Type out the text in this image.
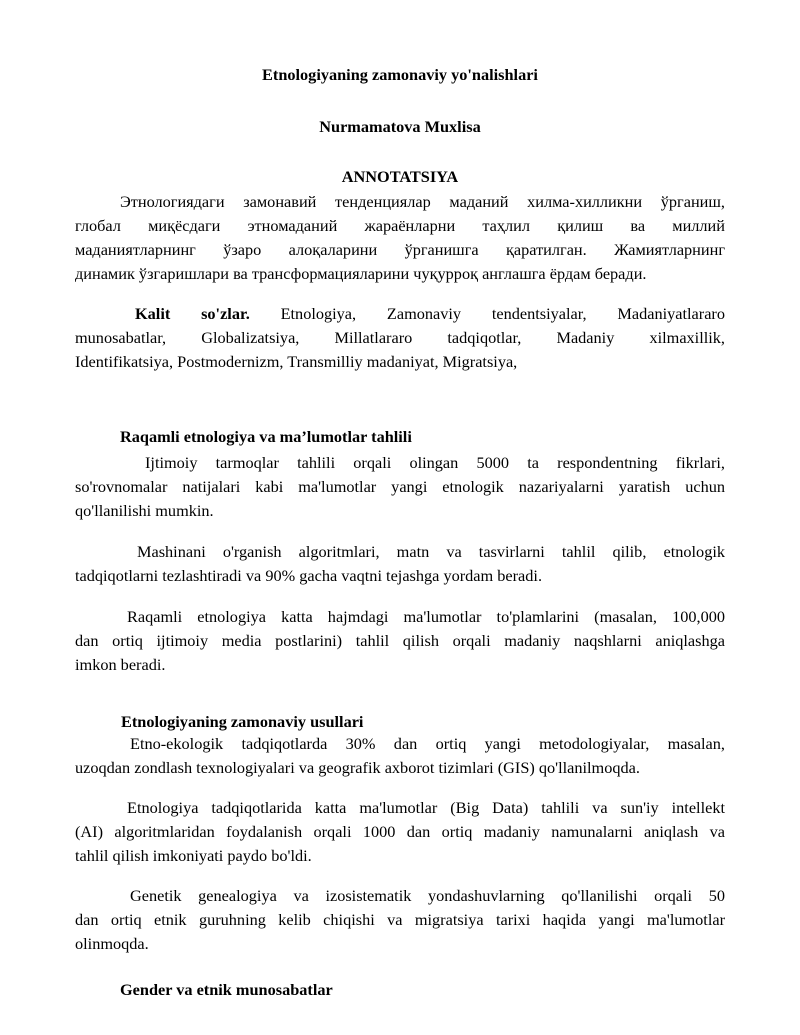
Etnologiyaning zamonaviy yo'nalishlari
Nurmamatova Muxlisa
ANNOTATSIYA
Этнологиядаги замонавий тенденциялар маданий хилма-хилликни ўрганиш,
глобал миқёсдаги этномаданий жараёнларни таҳлил қилиш ва миллий
маданиятларнинг ўзаро алоқаларини ўрганишга қаратилган. Жамиятларнинг
динамик ўзгаришлари ва трансформацияларини чуқурроқ англашга ёрдам беради.
Kalit so'zlar. Etnologiya, Zamonaviy tendentsiyalar, Madaniyatlararo
munosabatlar, Globalizatsiya, Millatlararo tadqiqotlar, Madaniy xilmaxillik,
Identifikatsiya, Postmodernizm, Transmilliy madaniyat, Migratsiya,
Raqamli etnologiya va ma’lumotlar tahlili
Ijtimoiy tarmoqlar tahlili orqali olingan 5000 ta respondentning fikrlari,
so'rovnomalar natijalari kabi ma'lumotlar yangi etnologik nazariyalarni yaratish uchun
qo'llanilishi mumkin.
Mashinani o'rganish algoritmlari, matn va tasvirlarni tahlil qilib, etnologik
tadqiqotlarni tezlashtiradi va 90% gacha vaqtni tejashga yordam beradi.
Raqamli etnologiya katta hajmdagi ma'lumotlar to'plamlarini (masalan, 100,000
dan ortiq ijtimoiy media postlarini) tahlil qilish orqali madaniy naqshlarni aniqlashga
imkon beradi.
Etnologiyaning zamonaviy usullari
Etno-ekologik tadqiqotlarda 30% dan ortiq yangi metodologiyalar, masalan,
uzoqdan zondlash texnologiyalari va geografik axborot tizimlari (GIS) qo'llanilmoqda.
Etnologiya tadqiqotlarida katta ma'lumotlar (Big Data) tahlili va sun'iy intellekt
(AI) algoritmlaridan foydalanish orqali 1000 dan ortiq madaniy namunalarni aniqlash va
tahlil qilish imkoniyati paydo bo'ldi.
Genetik genealogiya va izosistematik yondashuvlarning qo'llanilishi orqali 50
dan ortiq etnik guruhning kelib chiqishi va migratsiya tarixi haqida yangi ma'lumotlar
olinmoqda.
Gender va etnik munosabatlar
